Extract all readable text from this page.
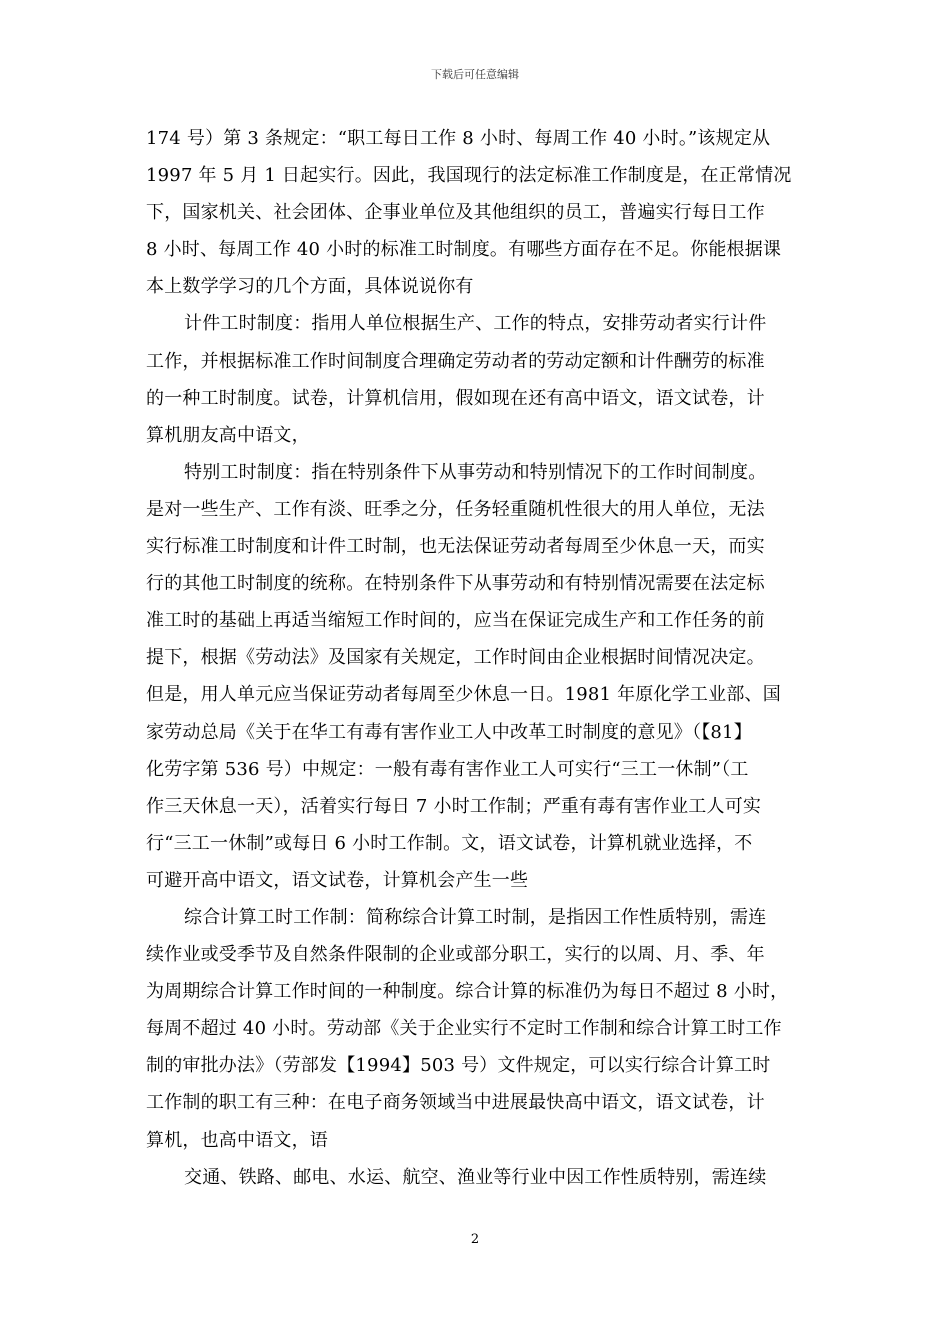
下载后可任意编辑
174 号）第 3 条规定：“职工每日工作 8 小时、每周工作 40 小时。”该规定从
1997 年 5 月 1 日起实行。因此，我国现行的法定标准工作制度是，在正常情况
下，国家机关、社会团体、企事业单位及其他组织的员工，普遍实行每日工作
8 小时、每周工作 40 小时的标准工时制度。有哪些方面存在不足。你能根据课
本上数学学习的几个方面，具体说说你有
计件工时制度：指用人单位根据生产、工作的特点，安排劳动者实行计件
工作，并根据标准工作时间制度合理确定劳动者的劳动定额和计件酬劳的标准
的一种工时制度。试卷，计算机信用，假如现在还有高中语文，语文试卷，计
算机朋友高中语文，
特别工时制度：指在特别条件下从事劳动和特别情况下的工作时间制度。
是对一些生产、工作有淡、旺季之分，任务轻重随机性很大的用人单位，无法
实行标准工时制度和计件工时制，也无法保证劳动者每周至少休息一天，而实
行的其他工时制度的统称。在特别条件下从事劳动和有特别情况需要在法定标
准工时的基础上再适当缩短工作时间的，应当在保证完成生产和工作任务的前
提下，根据《劳动法》及国家有关规定，工作时间由企业根据时间情况决定。
但是，用人单元应当保证劳动者每周至少休息一日。1981 年原化学工业部、国
家劳动总局《关于在华工有毒有害作业工人中改革工时制度的意见》（【81】
化劳字第 536 号）中规定：一般有毒有害作业工人可实行“三工一休制”（工
作三天休息一天），活着实行每日 7 小时工作制；严重有毒有害作业工人可实
行“三工一休制”或每日 6 小时工作制。文，语文试卷，计算机就业选择，不
可避开高中语文，语文试卷，计算机会产生一些
综合计算工时工作制：简称综合计算工时制，是指因工作性质特别，需连
续作业或受季节及自然条件限制的企业或部分职工，实行的以周、月、季、年
为周期综合计算工作时间的一种制度。综合计算的标准仍为每日不超过 8 小时，
每周不超过 40 小时。劳动部《关于企业实行不定时工作制和综合计算工时工作
制的审批办法》（劳部发【1994】503 号）文件规定，可以实行综合计算工时
工作制的职工有三种：在电子商务领域当中进展最快高中语文，语文试卷，计
算机，也高中语文，语
交通、铁路、邮电、水运、航空、渔业等行业中因工作性质特别，需连续
2
